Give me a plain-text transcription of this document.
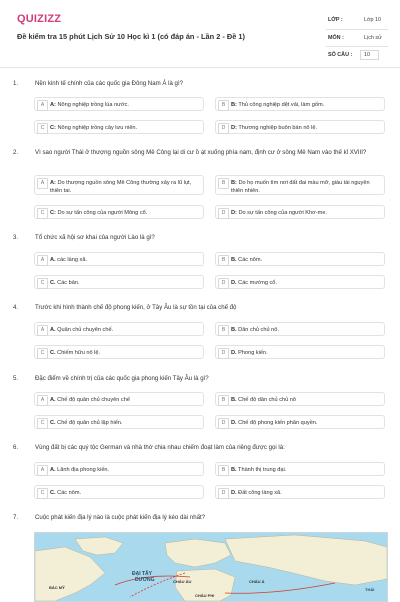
QUIZIZZ
Đề kiểm tra 15 phút Lịch Sử 10 Học kì 1 (có đáp án - Lần 2 - Đề 1)
LỚP :	Lớp 10
MÔN :	Lịch sử
SỐ CÂU :	10
1.	Nền kinh tế chính của các quốc gia Đông Nam Á là gì?
A	A: Nông nghiệp trồng lúa nước.	B	B: Thủ công nghiệp dệt vải, làm gốm.
C	C: Nông nghiệp trồng cây lưu niên.	D	D: Thương nghiệp buôn bán nô lệ.
2.	Vì sao người Thái ở thượng nguồn sông Mê Công lại di cư ồ ạt xuống phía nam, định cư ở sông Mê Nam vào thế kỉ XVIII?
A	A: Do thượng nguồn sông Mê Công thường xảy ra lũ lụt, thiên tai.
B	B: Do họ muốn tìm nơi đất đai màu mỡ, giàu tài nguyên thiên nhiên.
C	C: Do sự tấn công của người Mông cổ.	D	D: Do sự tấn công của người Khơ-me.
3.	Tổ chức xã hội sơ khai của người Lào là gì?
A	A. các làng xã.	B	B. Các nôm.
C	C. Các bản.	D	D. Các mường cổ.
4.	Trước khi hình thành chế độ phong kiến, ở Tây Âu là sự tồn tại của chế độ
A	A. Quân chủ chuyên chế.	B	B. Dân chủ chủ nô.
C	C. Chiếm hữu nô lệ.	D	D. Phong kiến.
5.	Đặc điểm về chính trị của các quốc gia phong kiến Tây Âu là gì?
A	A. Chế độ quân chủ chuyên chế	B	B. Chế độ dân chủ chủ nô
C	C. Chế độ quân chủ lập hiến.	D	D. Chế độ phong kiến phân quyền.
6.	Vùng đất bị các quý tộc German và nhà thờ chia nhau chiếm đoạt làm của riêng được gọi là:
A	A. Lãnh địa phong kiến.	B	B. Thành thị trung đại.
C	C. Các nôm.	D	D. Đất công làng xã.
7.	Cuộc phát kiến địa lý nào là cuộc phát kiến địa lý kéo dài nhất?
ĐẠI TÂY
DƯƠNG	CHÂU ÂU	CHÂU Á
BẮC MỸ	THÁI
CHÂU PHI
